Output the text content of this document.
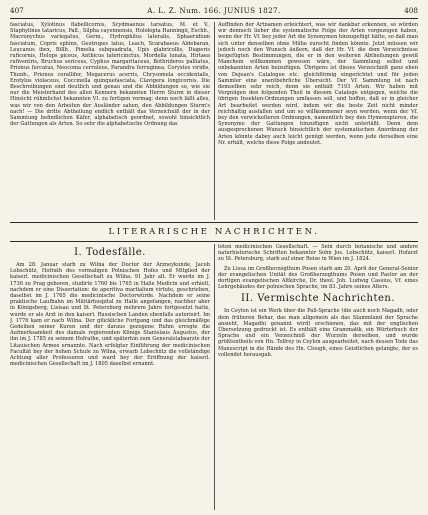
407	A. L. Z. Num. 166. JUNIUS 1827.	408
fasciatus, Xylotinus flabellicornis, Scydmaenus tarsatus, M. et V., Staphylinus tataricus, Pall., Silpha cayennensis, Hololepta Hanningii, Eschh., Macronychus variegatus, Germ., Hydrophilus lateralis, Sphaeridium fasciatum, Copris sphinx, Geotrupes latus, Leach, Scarabaeus Aldebaran, Leucanus ibex, Billb., Pimelia subquadrata, Upis glabricollis, Diaperis ruficornis, Helops piceus, Anthicus latericinctus, Mordella lunata, Hirtaea rufiventris, Bruchus sericeus, Cyphus margaritaceus, Bothrideres palliatus, Prionus furcatus, Neocoma cerruleus, Parandra ferruginea, Coryxtes viridis, Thunb., Prionus corallifer, Megacerus acerris, Chrysomela occidentalis, Erotylus violaceus, Coccinella quinquefasciata, Clavigera longicornis. Die Beschreibungen sind deutlich und genau und die Abbildungen so, wie sie nur die Meisterhand des allen Kennern bekannten Herrn Sturm in dieser Hinsicht rühmlichst bekannten VI. zu fertigen vermag: denn noch läßt alles, was wir von den Arbeiten der Ausländer sahen, den Abbildungen Sturm's nach! — Die dritte Abtheilung endlich enthält das Verzeichniß der in der Sammlung befindlichen Käfer, alphabetisch geordnet, sowohl hinsichtlich der Gattungen als Arten. So sehr die alphabetische Ordnung das
Auffinden der Artnamen erleichtert, was wir dankbar erkennen, so würden wir dennoch lieber die systematische Folge der Arten vorgezogen haben, wenn der Hr. Vf. bey jeder Art die Synonymen hinzugefügt hätte, so daß man sich unter denselben ohne Mühe zurecht finden könnte. Jetzt müssen wir jedoch noch den Wunsch äußern, daß der Hr. Vf. die dem Verzeichnisse beigefügten Bestimmungen, die er in den weiteren Abtheilungen gewiß Manchem willkommen gewesen wäre, der Sammlung selbst und unbekannten Arten beizufügen. Übrigens ist dieses Verzeichniß ganz eben von Dejean's Catalogue etc. gleichförmig eingerichtet und für jeden Sammler eine unentbehrliche Übersicht. Der Vf. Sammlung ist nach demselben sehr reich, denn sie enthält 7193 Arten. Wir haben mit Vergnügen den folgenden Theil in diesem Cataloge entgegen, welche die übrigen Insekten-Ordnungen umfassen soll, und hoffen, daß er in gleicher Art bearbeitet werden wird, indem wir die beste Zeit nicht minder reichhaltig ausfallen und um so willkommener seyn werden, wenn der Vf. bey den verwickelteren Ordnungen, namentlich bey den Hymenopteren, die Synonyme der Gattungen hinzufügen nicht unterläßt. Denn dem ausgesprochenen Wunsch hinsichtlich der systematischen Anordnung der Arten könnte dabey auch leicht genügt werden, wenn jede derselben eine Nr. erhält, welche diese Folge andeutet.
LITERARISCHE NACHRICHTEN.
I. Todesfälle.

Am 28. Januar starb zu Wilna der Doctor der Arzneykunde, Jacob Lobschütz, Hofrath des vormaligen Polnischen Hofes und Mitglied der kaiserl. medicinischen Gesellschaft zu Wilna, 91 Jahr alt. Er wurde im J. 1736 zu Prag geboren, studirte 1760 bis 1765 in Halle Medicin und erhielt, nachdem er eine Dissertation: de aperitiva martialium virtute, geschrieben, daselbst im J. 1765 die medicinische Doctorwürde. Nachdem er seine praktische Laufbahn im Militärhospital zu Halle angefangen, nachher aber in Königsberg, Lisisau und St. Petersburg mehrere Jahre fortgesetzt hatte, wurde er als Arzt in den kaiserl. Russischen Landen ebenfalls autorisirt. Im J. 1776 kam er nach Wilna. Der glückliche Fortgang und das gleichmäßige Gedeihen seiner Kuren und der daraus gezogene Ruhm erregte die Aufmerksamkeit des damals regierenden Königs Stanislaus Augustus, der ihn im J. 1785 zu seinem Hofrathe, und späterhin zum Generalstabsarzte der Litauischen Armee ernannte. Nach erfolgter Einführung der medicinischen Facultät bey der hohen Schule zu Wilna, erwarb Lobschütz die vollständige Achtung aller Professoren und ward bey der Eröffnung der kaiserl. medicinischen Gesellschaft im J. 1805 daselbst ernannt.

teten medicinischen Gesellschaft. — Sein durch botanische und andere naturhistorische Schriften bekannter Sohn Jos. Lobschütz, kaiserl. Hofarzt zu St. Petersburg, starb auf einer Reise in Wien im J. 1824.

Zu Lissa im Großherzogthum Posen starb am 20. April der General-Senior der evangelischen Unität des Großherzogthums Posen und Pastor an der dortigen evangelischen Altkirche, Dr. theol. Joh. Ludwig Cassius, Vf. eines Lehrgebäudes der polnischen Sprache, im 83. Jahre seines Alters.

II. Vermischte Nachrichten.

In Ceylon ist ein Werk über die Pali-Sprache (die auch noch Magadh, oder dem früheren Behar, das man allgemein als das Stammland der Sprache ansieht, Magadhi genannt wird) erschienen, das mit der englischen Übersetzung gedruckt ist. Es enthält eine Grammatik, ein Wörterbuch der Sprache und ein Verzeichniß der Wurzeln derselben, und wurde größtentheils von Hn. Tolfrey in Ceylon ausgearbeitet, nach dessen Tode das Manuscript in die Hände des Hn. Clough, eines Geistlichen gelangte, der es vollendet herausgab.
